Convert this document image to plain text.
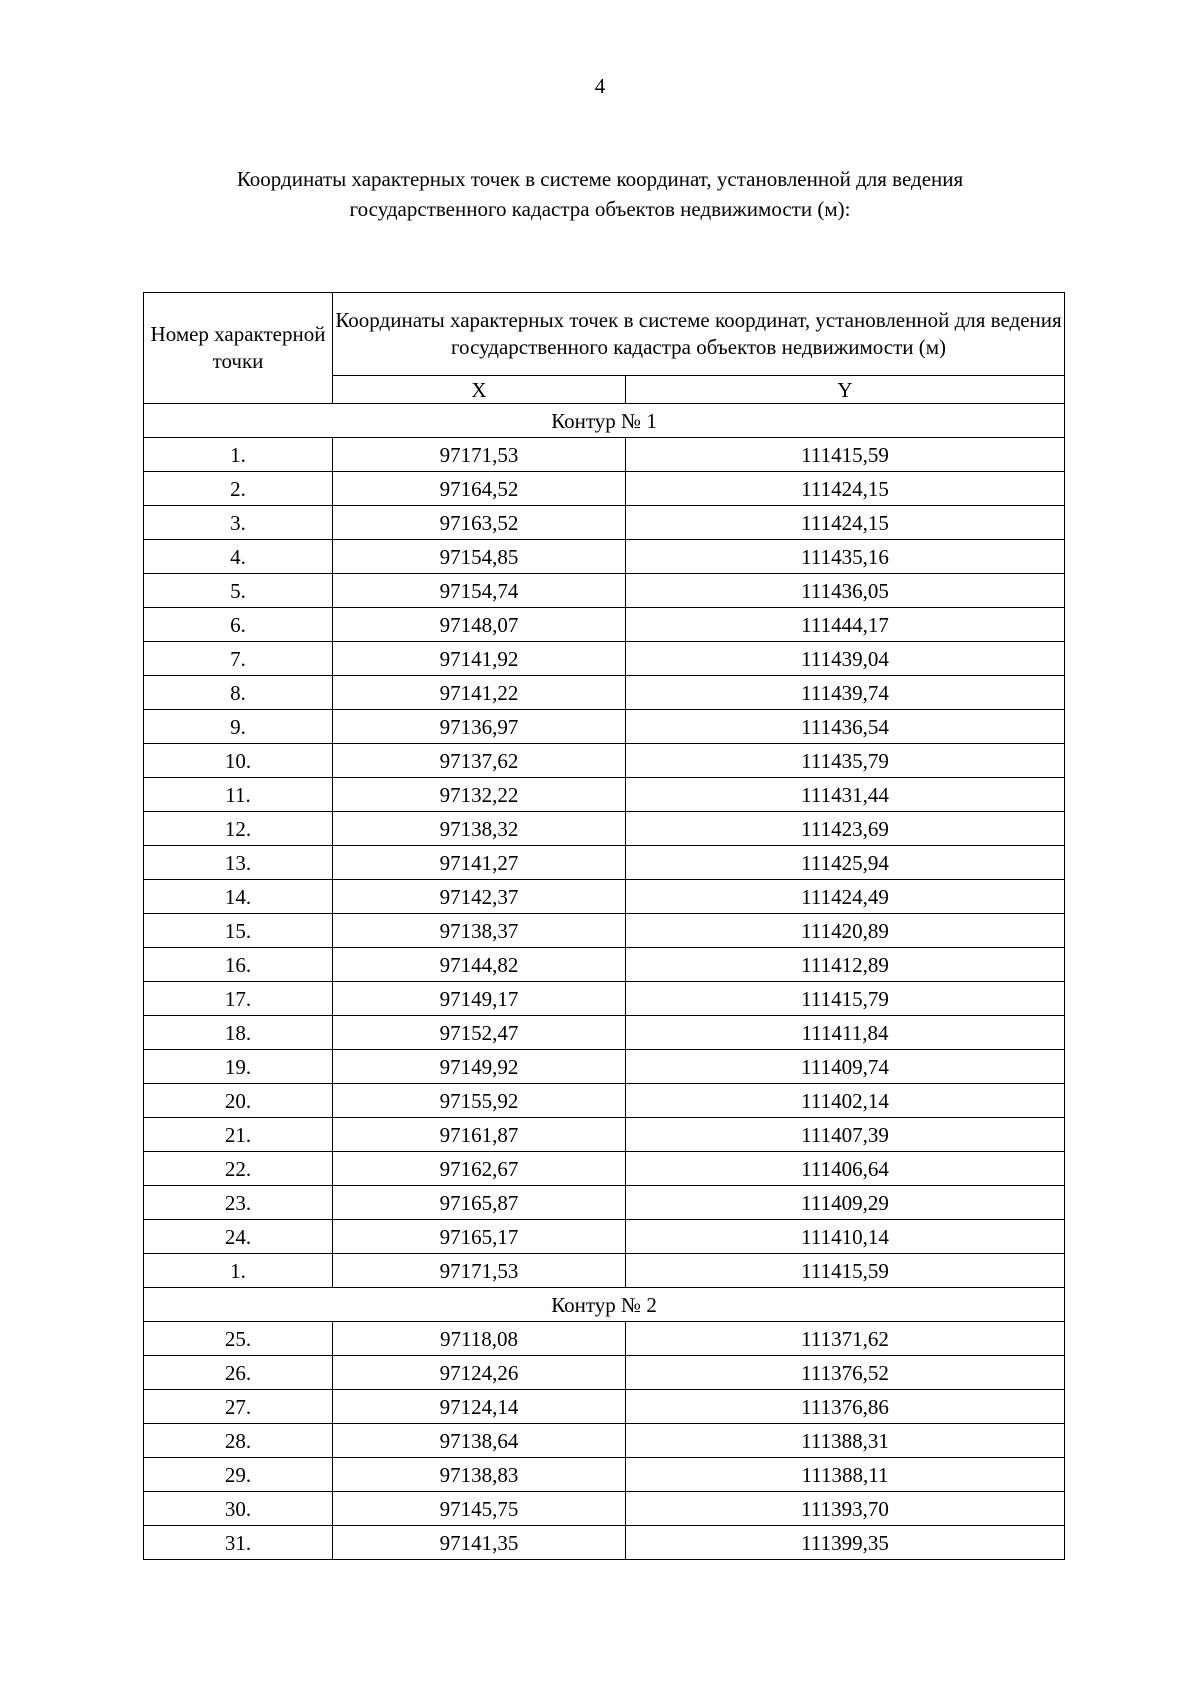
4
Координаты характерных точек в системе координат, установленной для ведения
государственного кадастра объектов недвижимости (м):
Номер характерной точки	Координаты характерных точек в системе координат, установленной для ведения государственного кадастра объектов недвижимости (м)	
	X	Y
Контур № 1		
1.	97171,53	111415,59
2.	97164,52	111424,15
3.	97163,52	111424,15
4.	97154,85	111435,16
5.	97154,74	111436,05
6.	97148,07	111444,17
7.	97141,92	111439,04
8.	97141,22	111439,74
9.	97136,97	111436,54
10.	97137,62	111435,79
11.	97132,22	111431,44
12.	97138,32	111423,69
13.	97141,27	111425,94
14.	97142,37	111424,49
15.	97138,37	111420,89
16.	97144,82	111412,89
17.	97149,17	111415,79
18.	97152,47	111411,84
19.	97149,92	111409,74
20.	97155,92	111402,14
21.	97161,87	111407,39
22.	97162,67	111406,64
23.	97165,87	111409,29
24.	97165,17	111410,14
1.	97171,53	111415,59
Контур № 2		
25.	97118,08	111371,62
26.	97124,26	111376,52
27.	97124,14	111376,86
28.	97138,64	111388,31
29.	97138,83	111388,11
30.	97145,75	111393,70
31.	97141,35	111399,35
